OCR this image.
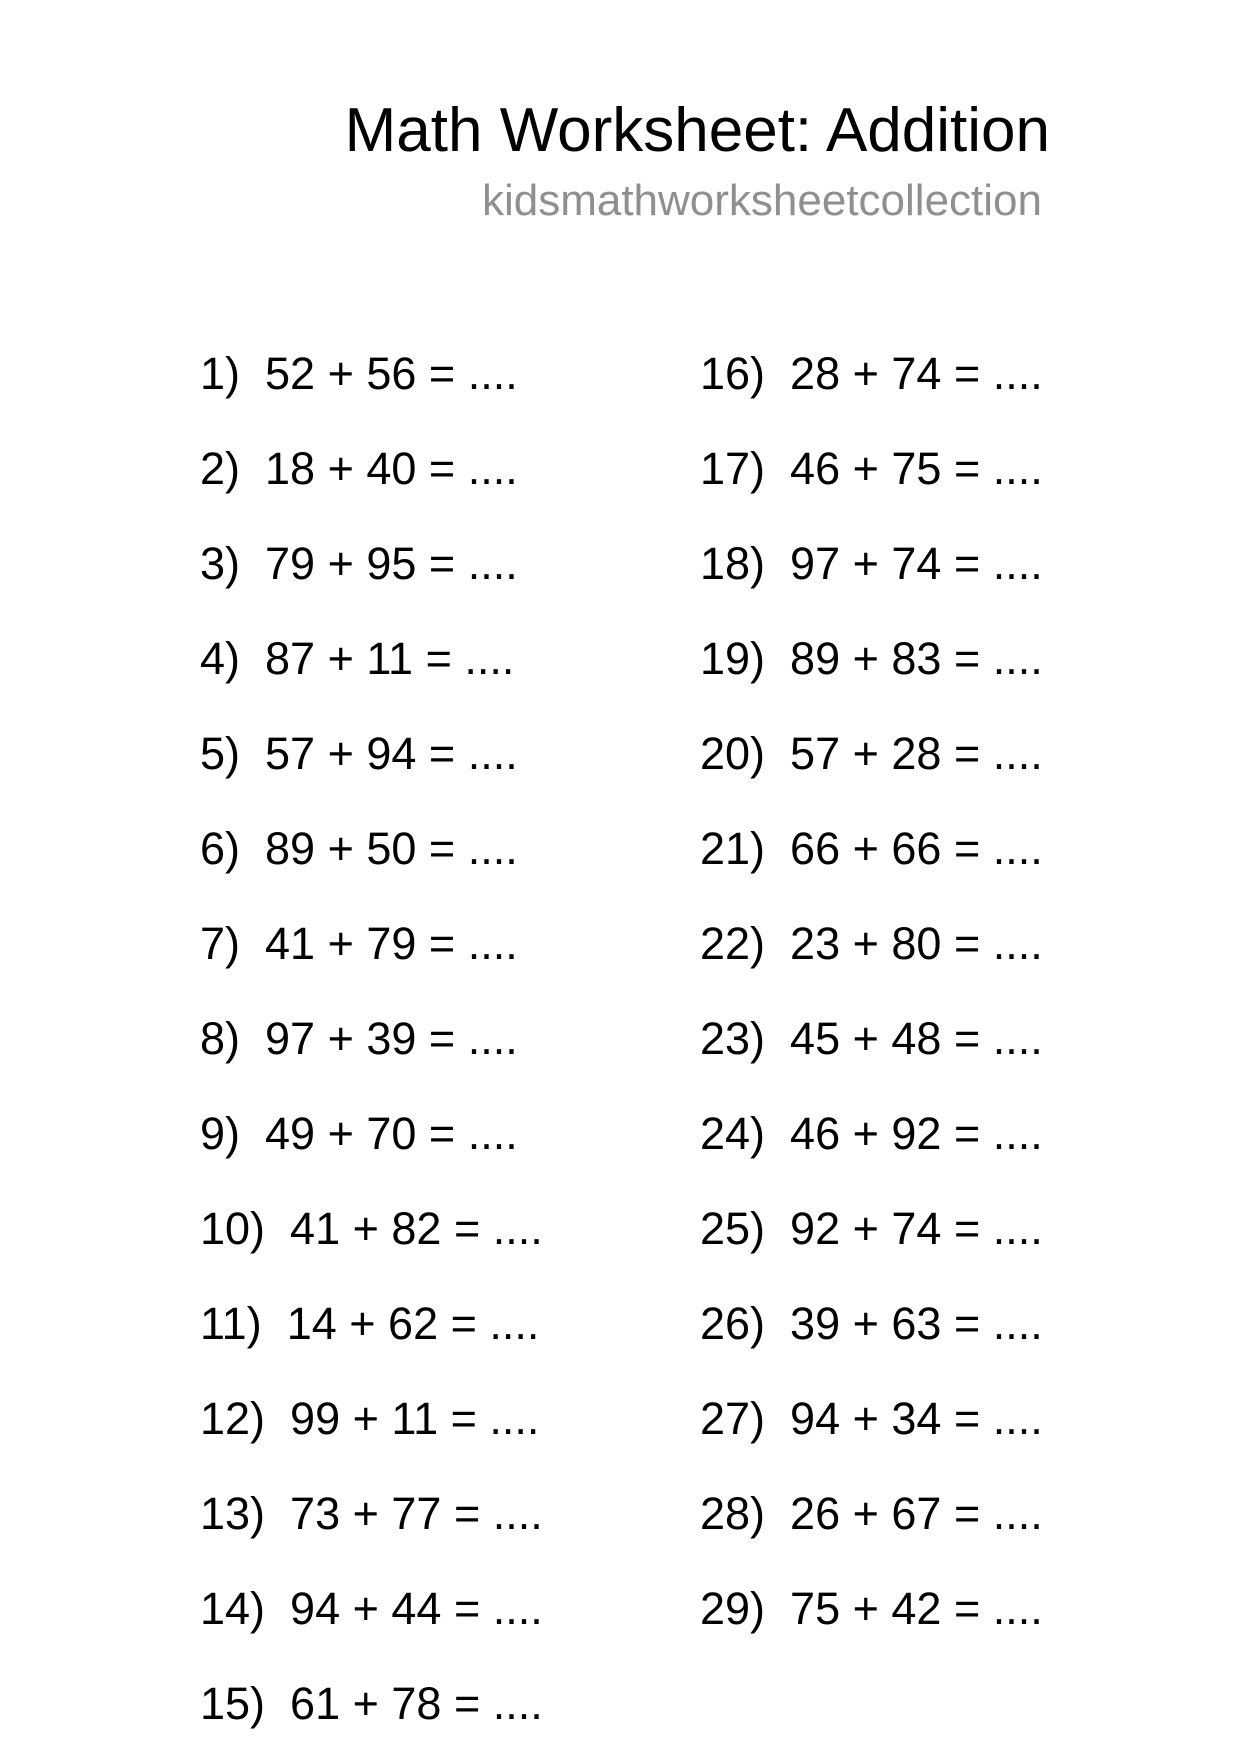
Math Worksheet: Addition
kidsmathworksheetcollection
1) 52 + 56 = ....
2) 18 + 40 = ....
3) 79 + 95 = ....
4) 87 + 11 = ....
5) 57 + 94 = ....
6) 89 + 50 = ....
7) 41 + 79 = ....
8) 97 + 39 = ....
9) 49 + 70 = ....
10) 41 + 82 = ....
11) 14 + 62 = ....
12) 99 + 11 = ....
13) 73 + 77 = ....
14) 94 + 44 = ....
15) 61 + 78 = ....
16) 28 + 74 = ....
17) 46 + 75 = ....
18) 97 + 74 = ....
19) 89 + 83 = ....
20) 57 + 28 = ....
21) 66 + 66 = ....
22) 23 + 80 = ....
23) 45 + 48 = ....
24) 46 + 92 = ....
25) 92 + 74 = ....
26) 39 + 63 = ....
27) 94 + 34 = ....
28) 26 + 67 = ....
29) 75 + 42 = ....
